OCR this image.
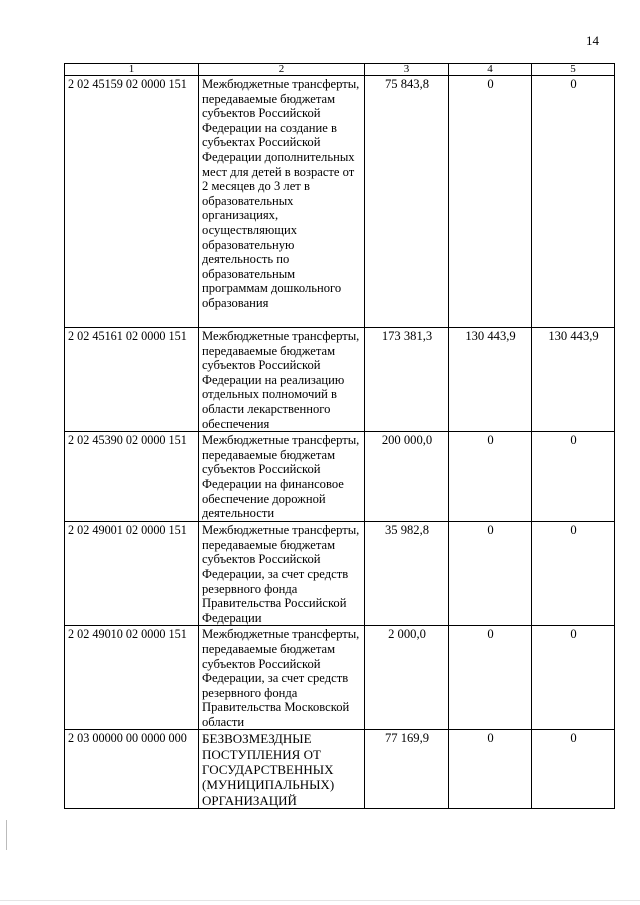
14
1	2	3	4	5
2 02 45159 02 0000 151	Межбюджетные трансферты, передаваемые бюджетам субъектов Российской Федерации на создание в субъектах Российской Федерации дополнительных мест для детей в возрасте от 2 месяцев до 3 лет в образовательных организациях, осуществляющих образовательную деятельность по образовательным программам дошкольного образования	75 843,8	0	0
2 02 45161 02 0000 151	Межбюджетные трансферты, передаваемые бюджетам субъектов Российской Федерации на реализацию отдельных полномочий в области лекарственного обеспечения	173 381,3	130 443,9	130 443,9
2 02 45390 02 0000 151	Межбюджетные трансферты, передаваемые бюджетам субъектов Российской Федерации на финансовое обеспечение дорожной деятельности	200 000,0	0	0
2 02 49001 02 0000 151	Межбюджетные трансферты, передаваемые бюджетам субъектов Российской Федерации, за счет средств резервного фонда Правительства Российской Федерации	35 982,8	0	0
2 02 49010 02 0000 151	Межбюджетные трансферты, передаваемые бюджетам субъектов Российской Федерации, за счет средств резервного фонда Правительства Московской области	2 000,0	0	0
2 03 00000 00 0000 000	БЕЗВОЗМЕЗДНЫЕ ПОСТУПЛЕНИЯ ОТ ГОСУДАРСТВЕННЫХ (МУНИЦИПАЛЬНЫХ) ОРГАНИЗАЦИЙ	77 169,9	0	0
